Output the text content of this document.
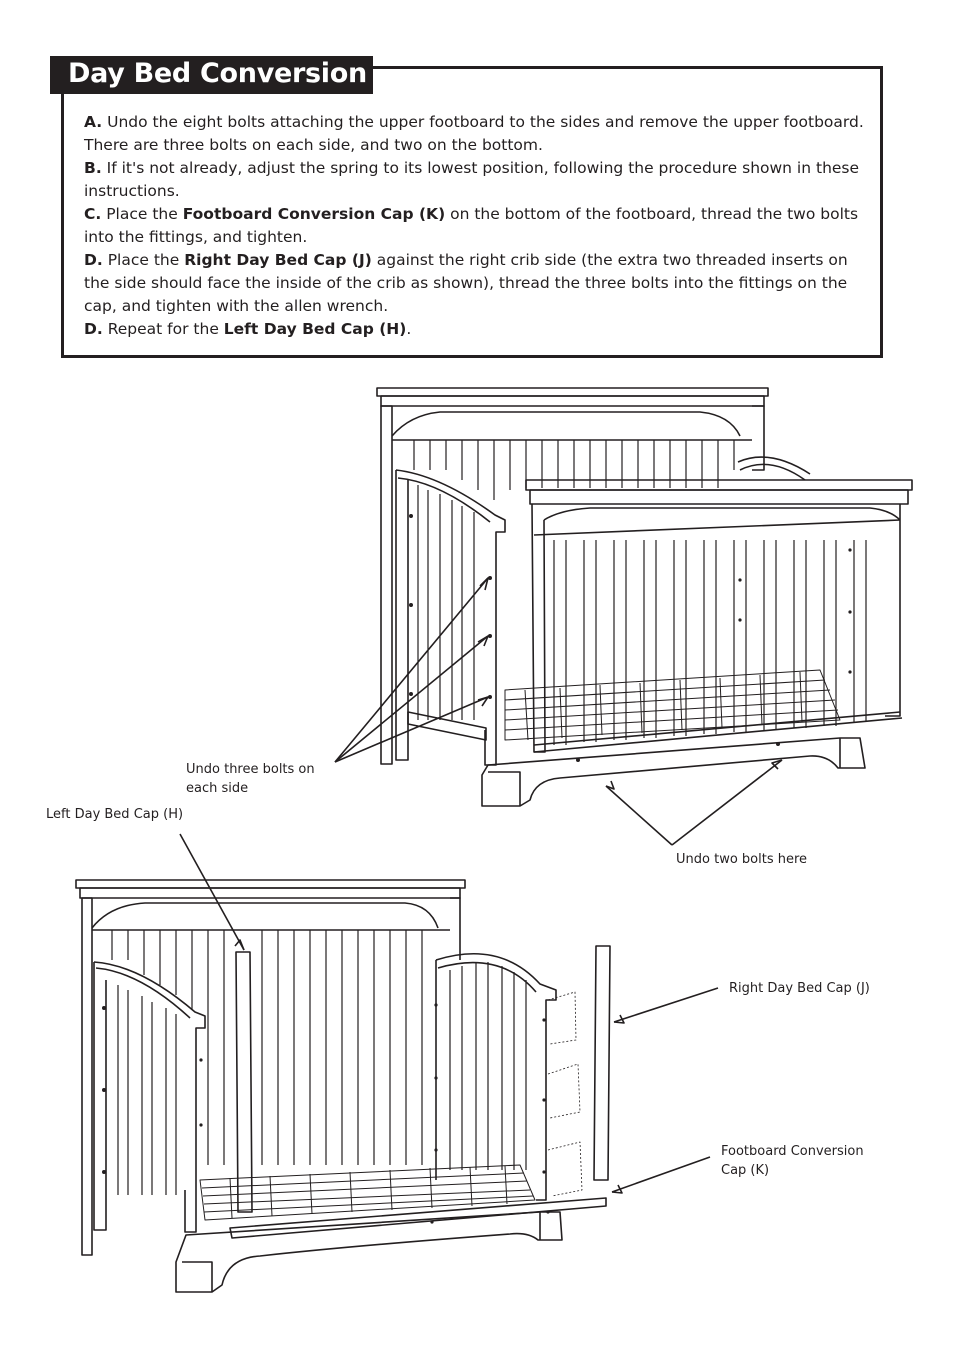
Day Bed Conversion

A. Undo the eight bolts attaching the upper footboard to the sides and remove the upper footboard. There are three bolts on each side, and two on the bottom.

B. If it's not already, adjust the spring to its lowest position, following the procedure shown in these instructions.

C. Place the Footboard Conversion Cap (K) on the bottom of the footboard, thread the two bolts into the fittings, and tighten.

D. Place the Right Day Bed Cap (J) against the right crib side (the extra two threaded inserts on the side should face the inside of the crib as shown), thread the three bolts into the fittings on the cap, and tighten with the allen wrench.

D. Repeat for the Left Day Bed Cap (H).

Undo three bolts on
each side
Undo two bolts here
Left Day Bed Cap (H)
Right Day Bed Cap (J)
Footboard Conversion
Cap (K)
